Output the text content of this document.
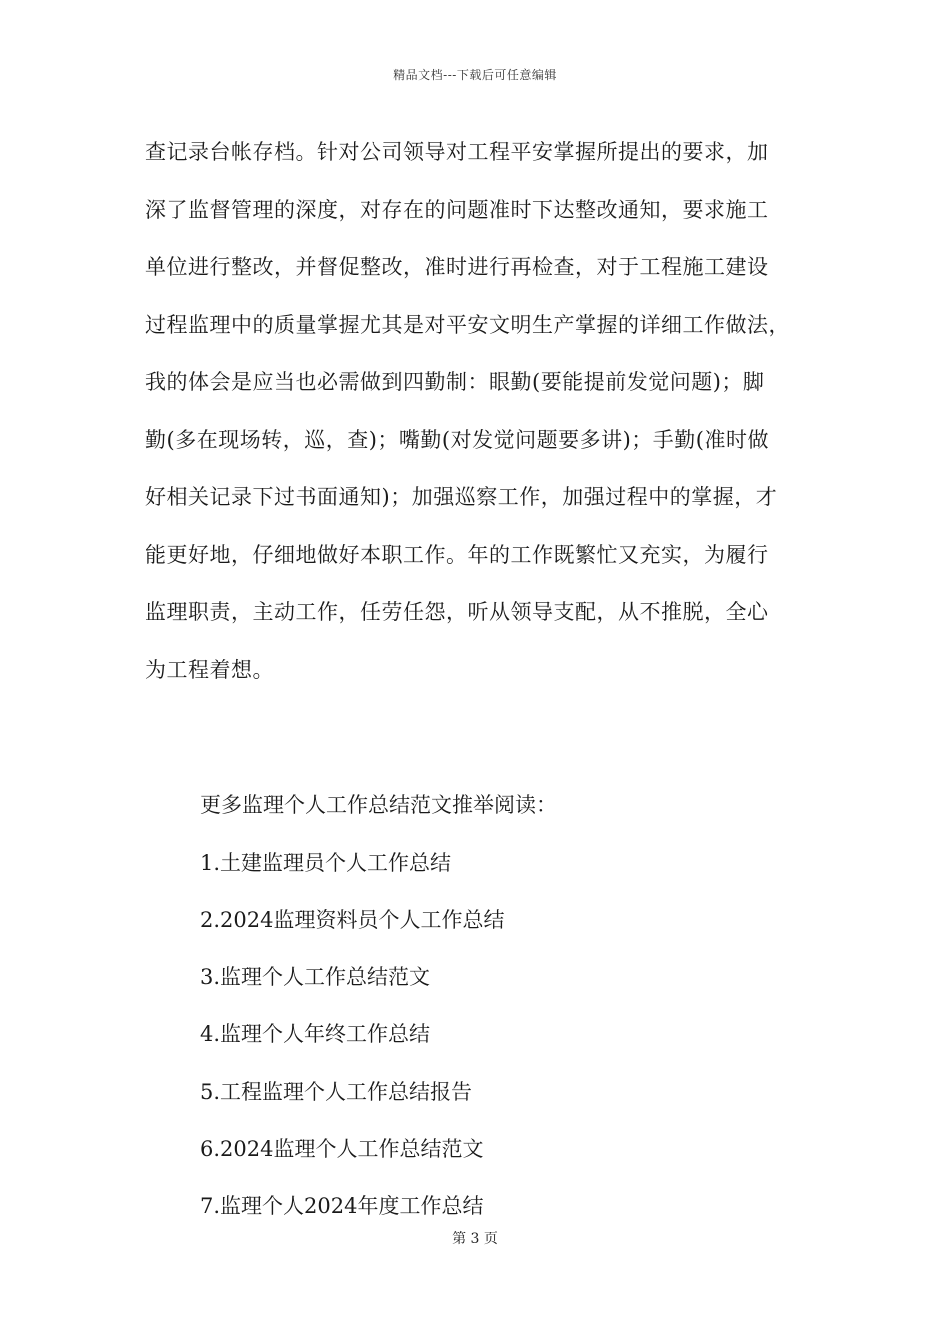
精品文档---下载后可任意编辑
查记录台帐存档。针对公司领导对工程平安掌握所提出的要求，加
深了监督管理的深度，对存在的问题准时下达整改通知，要求施工
单位进行整改，并督促整改，准时进行再检查，对于工程施工建设
过程监理中的质量掌握尤其是对平安文明生产掌握的详细工作做法，
我的体会是应当也必需做到四勤制：眼勤(要能提前发觉问题)；脚
勤(多在现场转，巡，查)；嘴勤(对发觉问题要多讲)；手勤(准时做
好相关记录下过书面通知)；加强巡察工作，加强过程中的掌握，才
能更好地，仔细地做好本职工作。年的工作既繁忙又充实，为履行
监理职责，主动工作，任劳任怨，听从领导支配，从不推脱，全心
为工程着想。
更多监理个人工作总结范文推举阅读：
1.土建监理员个人工作总结
2.2024监理资料员个人工作总结
3.监理个人工作总结范文
4.监理个人年终工作总结
5.工程监理个人工作总结报告
6.2024监理个人工作总结范文
7.监理个人2024年度工作总结
第 3 页
